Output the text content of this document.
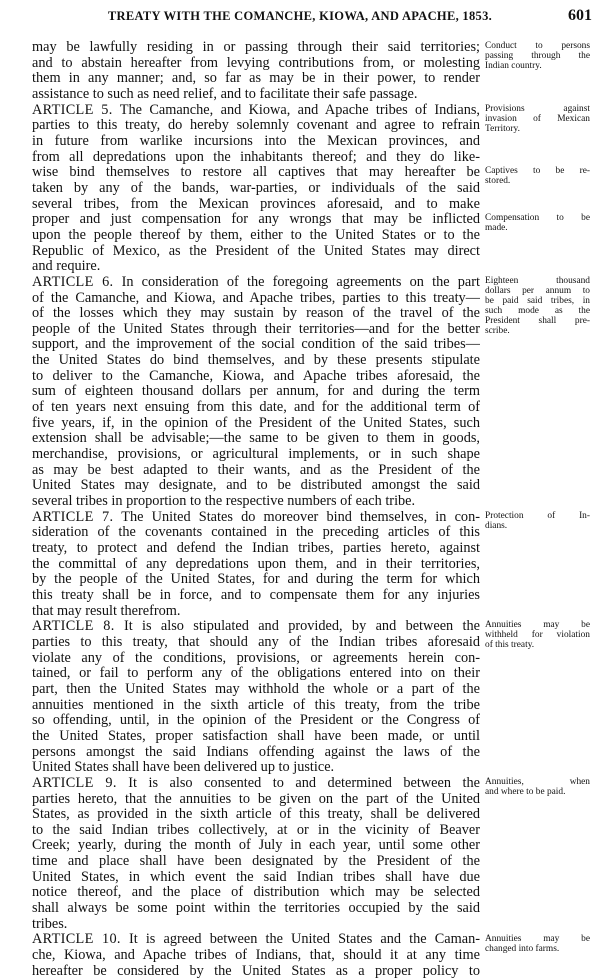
TREATY WITH THE COMANCHE, KIOWA, AND APACHE, 1853.	601
may be lawfully residing in or passing through their said territories;
and to abstain hereafter from levying contributions from, or molesting
them in any manner; and, so far as may be in their power, to render
assistance to such as need relief, and to facilitate their safe passage.
ARTICLE 5. The Camanche, and Kiowa, and Apache tribes of Indians,
parties to this treaty, do hereby solemnly covenant and agree to refrain
in future from warlike incursions into the Mexican provinces, and
from all depredations upon the inhabitants thereof; and they do like-
wise bind themselves to restore all captives that may hereafter be
taken by any of the bands, war-parties, or individuals of the said
several tribes, from the Mexican provinces aforesaid, and to make
proper and just compensation for any wrongs that may be inflicted
upon the people thereof by them, either to the United States or to the
Republic of Mexico, as the President of the United States may direct
and require.
ARTICLE 6. In consideration of the foregoing agreements on the part
of the Camanche, and Kiowa, and Apache tribes, parties to this treaty—
of the losses which they may sustain by reason of the travel of the
people of the United States through their territories—and for the better
support, and the improvement of the social condition of the said tribes—
the United States do bind themselves, and by these presents stipulate
to deliver to the Camanche, Kiowa, and Apache tribes aforesaid, the
sum of eighteen thousand dollars per annum, for and during the term
of ten years next ensuing from this date, and for the additional term of
five years, if, in the opinion of the President of the United States, such
extension shall be advisable;—the same to be given to them in goods,
merchandise, provisions, or agricultural implements, or in such shape
as may be best adapted to their wants, and as the President of the
United States may designate, and to be distributed amongst the said
several tribes in proportion to the respective numbers of each tribe.
ARTICLE 7. The United States do moreover bind themselves, in con-
sideration of the covenants contained in the preceding articles of this
treaty, to protect and defend the Indian tribes, parties hereto, against
the committal of any depredations upon them, and in their territories,
by the people of the United States, for and during the term for which
this treaty shall be in force, and to compensate them for any injuries
that may result therefrom.
ARTICLE 8. It is also stipulated and provided, by and between the
parties to this treaty, that should any of the Indian tribes aforesaid
violate any of the conditions, provisions, or agreements herein con-
tained, or fail to perform any of the obligations entered into on their
part, then the United States may withhold the whole or a part of the
annuities mentioned in the sixth article of this treaty, from the tribe
so offending, until, in the opinion of the President or the Congress of
the United States, proper satisfaction shall have been made, or until
persons amongst the said Indians offending against the laws of the
United States shall have been delivered up to justice.
ARTICLE 9. It is also consented to and determined between the
parties hereto, that the annuities to be given on the part of the United
States, as provided in the sixth article of this treaty, shall be delivered
to the said Indian tribes collectively, at or in the vicinity of Beaver
Creek; yearly, during the month of July in each year, until some other
time and place shall have been designated by the President of the
United States, in which event the said Indian tribes shall have due
notice thereof, and the place of distribution which may be selected
shall always be some point within the territories occupied by the said
tribes.
ARTICLE 10. It is agreed between the United States and the Caman-
che, Kiowa, and Apache tribes of Indians, that, should it at any time
hereafter be considered by the United States as a proper policy to
Conduct to persons
passing through the
Indian country.
Provisions against
invasion of Mexican
Territory.
Captives to be re-
stored.
Compensation to be
made.
Eighteen thousand
dollars per annum to
be paid said tribes, in
such mode as the
President shall pre-
scribe.
Protection of In-
dians.
Annuities may be
withheld for violation
of this treaty.
Annuities, when
and where to be paid.
Annuities may be
changed into farms.
